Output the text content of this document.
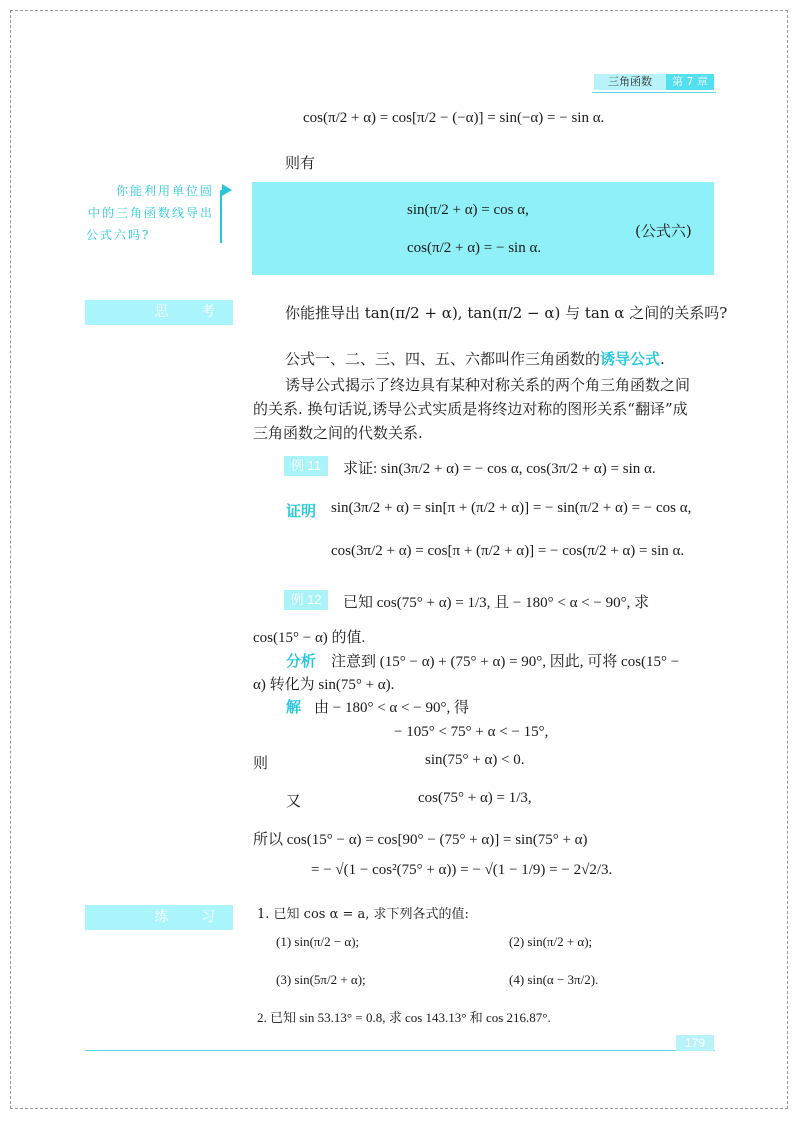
三角函数	第 7 章
cos(π/2 + α) = cos[π/2 − (−α)] = sin(−α) = − sin α.
则有
你能利用单位圆
中的三角函数线导出
公式六吗?
sin(π/2 + α) = cos α,
cos(π/2 + α) = − sin α.
(公式六)
思 考	你能推导出 tan(π/2 + α), tan(π/2 − α) 与 tan α 之间的关系吗?
公式一、二、三、四、五、六都叫作三角函数的诱导公式.
诱导公式揭示了终边具有某种对称关系的两个角三角函数之间
的关系. 换句话说,诱导公式实质是将终边对称的图形关系“翻译”成
三角函数之间的代数关系.
例 11	求证: sin(3π/2 + α) = − cos α, cos(3π/2 + α) = sin α.
证明 sin(3π/2 + α) = sin[π + (π/2 + α)] = − sin(π/2 + α) = − cos α,
cos(3π/2 + α) = cos[π + (π/2 + α)] = − cos(π/2 + α) = sin α.
例 12	已知 cos(75° + α) = 1/3, 且 − 180° < α < − 90°, 求
cos(15° − α) 的值.
分析 注意到 (15° − α) + (75° + α) = 90°, 因此, 可将 cos(15° −
α) 转化为 sin(75° + α).
解 由 − 180° < α < − 90°, 得
− 105° < 75° + α < − 15°,
则	sin(75° + α) < 0.
又	cos(75° + α) = 1/3,
所以 cos(15° − α) = cos[90° − (75° + α)] = sin(75° + α)
= − √(1 − cos²(75° + α)) = − √(1 − 1/9) = − 2√2/3.
练 习	1. 已知 cos α = a, 求下列各式的值:
(1) sin(π/2 − α);	(2) sin(π/2 + α);
(3) sin(5π/2 + α);	(4) sin(α − 3π/2).
2. 已知 sin 53.13° = 0.8, 求 cos 143.13° 和 cos 216.87°.
179
